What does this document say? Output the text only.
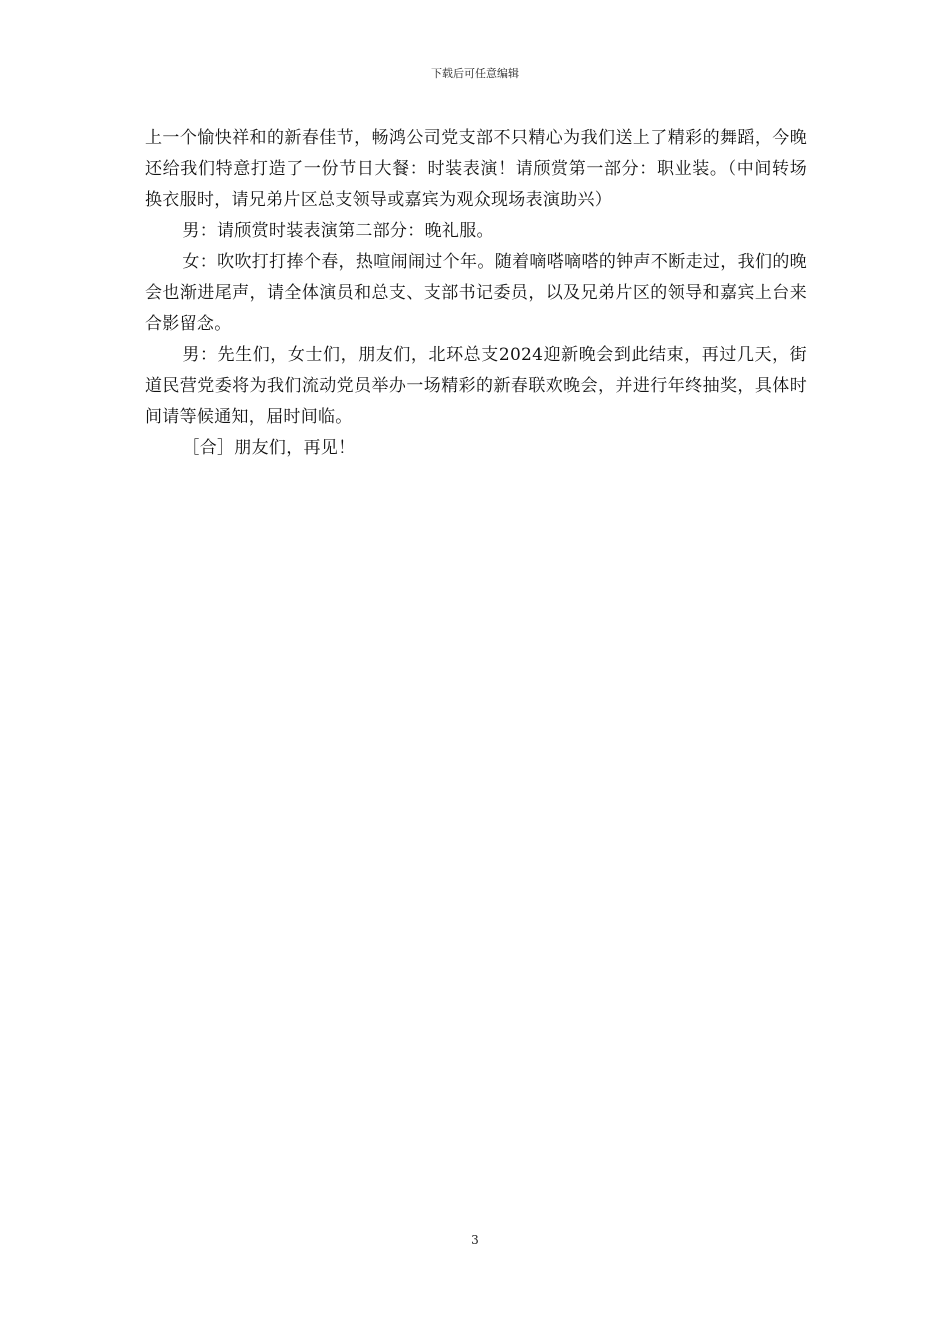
下载后可任意编辑

上一个愉快祥和的新春佳节，畅鸿公司党支部不只精心为我们送上了精彩的舞蹈，今晚还给我们特意打造了一份节日大餐：时装表演！请颀赏第一部分：职业装。（中间转场换衣服时，请兄弟片区总支领导或嘉宾为观众现场表演助兴）

男：请颀赏时装表演第二部分：晚礼服。

女：吹吹打打捧个春，热喧闹闹过个年。随着嘀嗒嘀嗒的钟声不断走过，我们的晚会也渐进尾声，请全体演员和总支、支部书记委员，以及兄弟片区的领导和嘉宾上台来合影留念。

男：先生们，女士们，朋友们，北环总支2024迎新晚会到此结束，再过几天，街道民营党委将为我们流动党员举办一场精彩的新春联欢晚会，并进行年终抽奖，具体时间请等候通知，届时间临。

［合］朋友们，再见！

3
